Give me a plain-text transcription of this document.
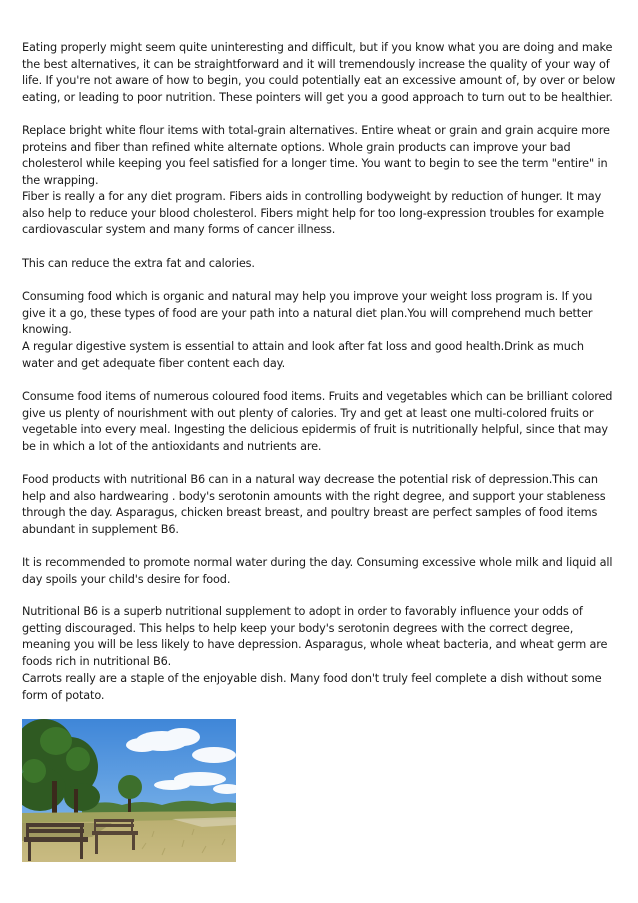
Eating properly might seem quite uninteresting and difficult, but if you know what you are doing and make the best alternatives, it can be straightforward and it will tremendously increase the quality of your way of life. If you're not aware of how to begin, you could potentially eat an excessive amount of, by over or below eating, or leading to poor nutrition. These pointers will get you a good approach to turn out to be healthier.

Replace bright white flour items with total-grain alternatives. Entire wheat or grain and grain acquire more proteins and fiber than refined white alternate options. Whole grain products can improve your bad cholesterol while keeping you feel satisfied for a longer time. You want to begin to see the term "entire" in the wrapping.

Fiber is really a for any diet program. Fibers aids in controlling bodyweight by reduction of hunger. It may also help to reduce your blood cholesterol. Fibers might help for too long-expression troubles for example cardiovascular system and many forms of cancer illness.

This can reduce the extra fat and calories.

Consuming food which is organic and natural may help you improve your weight loss program is. If you give it a go, these types of food are your path into a natural diet plan.You will comprehend much better knowing.

A regular digestive system is essential to attain and look after fat loss and good health.Drink as much water and get adequate fiber content each day.

Consume food items of numerous coloured food items. Fruits and vegetables which can be brilliant colored give us plenty of nourishment with out plenty of calories. Try and get at least one multi-colored fruits or vegetable into every meal. Ingesting the delicious epidermis of fruit is nutritionally helpful, since that may be in which a lot of the antioxidants and nutrients are.

Food products with nutritional B6 can in a natural way decrease the potential risk of depression.This can help and also hardwearing . body's serotonin amounts with the right degree, and support your stableness through the day. Asparagus, chicken breast breast, and poultry breast are perfect samples of food items abundant in supplement B6.

It is recommended to promote normal water during the day. Consuming excessive whole milk and liquid all day spoils your child's desire for food.

Nutritional B6 is a superb nutritional supplement to adopt in order to favorably influence your odds of getting discouraged. This helps to help keep your body's serotonin degrees with the correct degree, meaning you will be less likely to have depression. Asparagus, whole wheat bacteria, and wheat germ are foods rich in nutritional B6.

Carrots really are a staple of the enjoyable dish. Many food don't truly feel complete a dish without some form of potato.
